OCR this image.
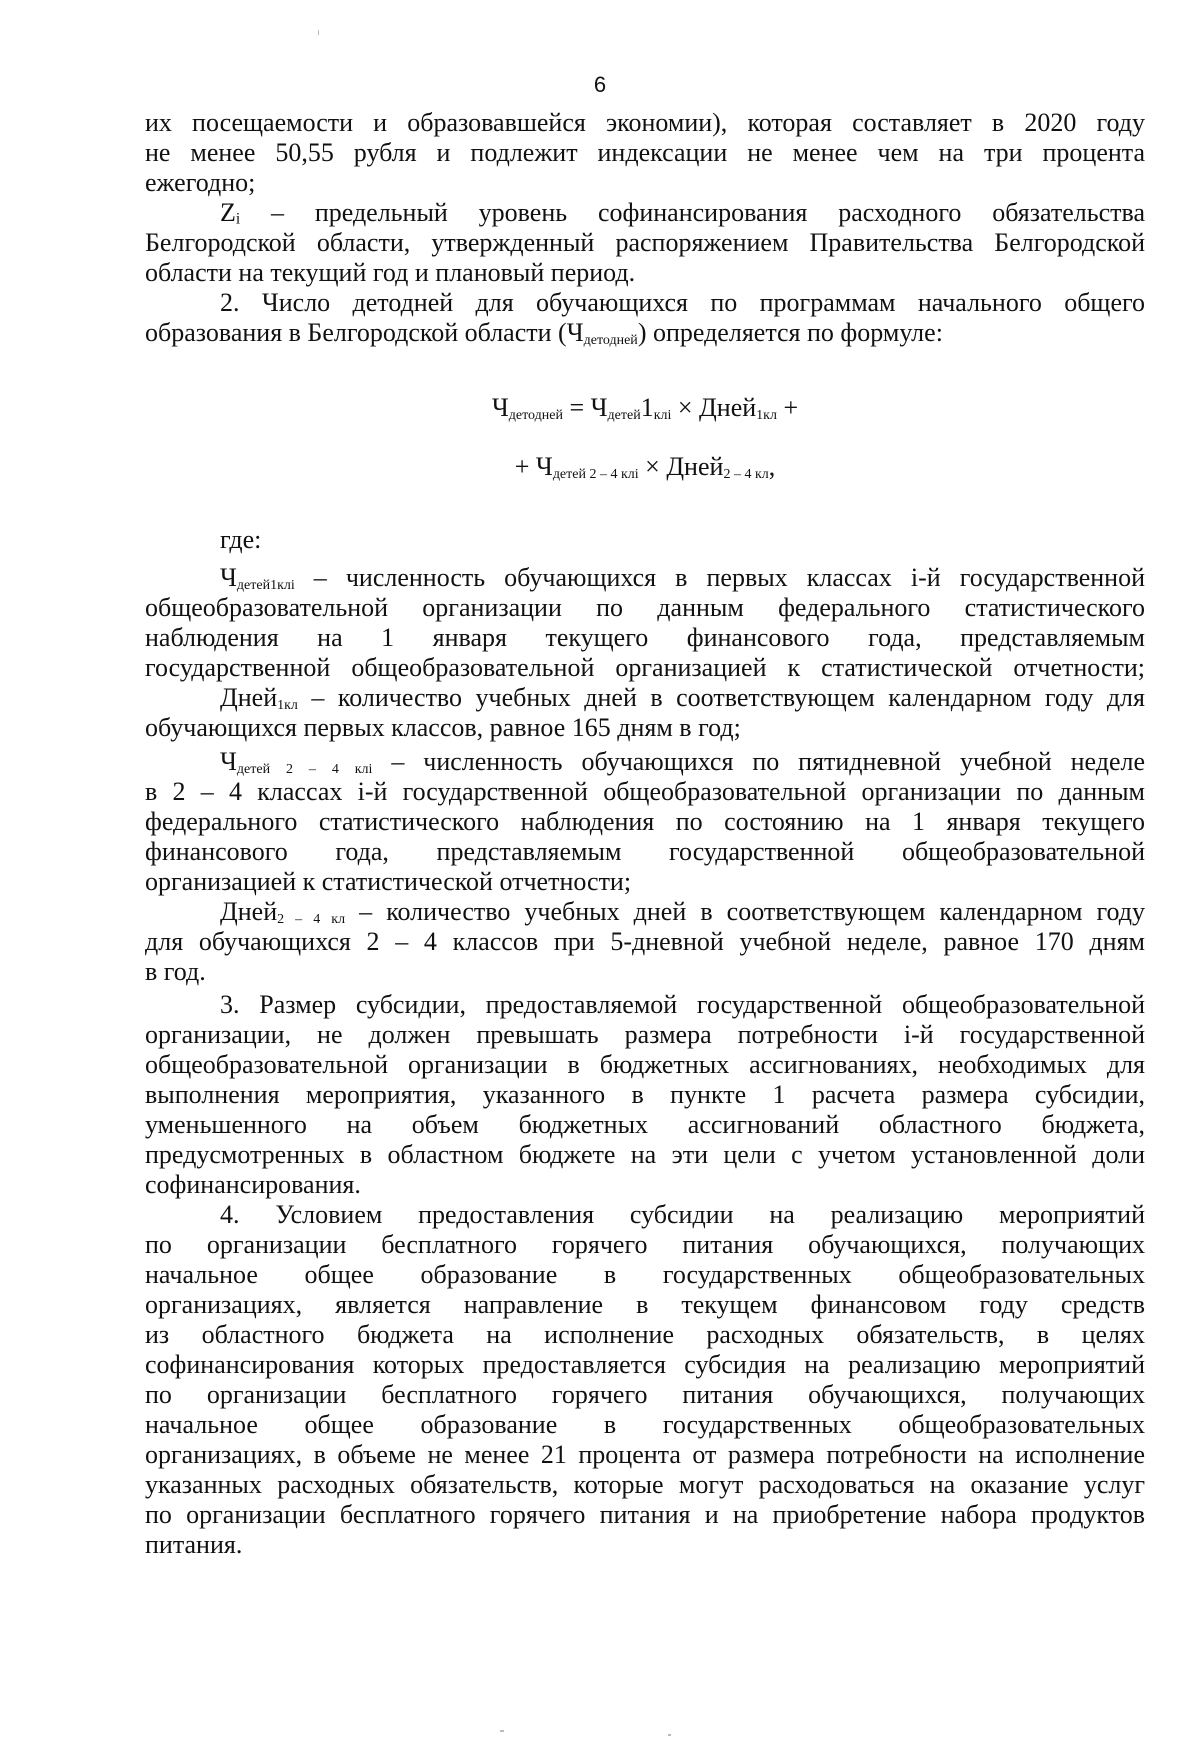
6
их посещаемости и образовавшейся экономии), которая составляет в 2020 году
не менее 50,55 рубля и подлежит индексации не менее чем на три процента
ежегодно;
Zᵢ – предельный уровень софинансирования расходного обязательства
Белгородской области, утвержденный распоряжением Правительства Белгородской
области на текущий год и плановый период.
2. Число детодней для обучающихся по программам начального общего
образования в Белгородской области (Чдетодней) определяется по формуле:
Чдетодней = Чдетей1клi × Дней1кл +
+ Чдетей 2 – 4 клi × Дней2 – 4 кл,
где:
Чдетей1клi – численность обучающихся в первых классах i-й государственной
общеобразовательной организации по данным федерального статистического
наблюдения на 1 января текущего финансового года, представляемым
государственной общеобразовательной организацией к статистической отчетности;
Дней1кл – количество учебных дней в соответствующем календарном году для
обучающихся первых классов, равное 165 дням в год;
Чдетей 2 – 4 клi – численность обучающихся по пятидневной учебной неделе
в 2 – 4 классах i-й государственной общеобразовательной организации по данным
федерального статистического наблюдения по состоянию на 1 января текущего
финансового года, представляемым государственной общеобразовательной
организацией к статистической отчетности;
Дней2 – 4 кл – количество учебных дней в соответствующем календарном году
для обучающихся 2 – 4 классов при 5-дневной учебной неделе, равное 170 дням
в год.
3. Размер субсидии, предоставляемой государственной общеобразовательной
организации, не должен превышать размера потребности i-й государственной
общеобразовательной организации в бюджетных ассигнованиях, необходимых для
выполнения мероприятия, указанного в пункте 1 расчета размера субсидии,
уменьшенного на объем бюджетных ассигнований областного бюджета,
предусмотренных в областном бюджете на эти цели с учетом установленной доли
софинансирования.
4. Условием предоставления субсидии на реализацию мероприятий
по организации бесплатного горячего питания обучающихся, получающих
начальное общее образование в государственных общеобразовательных
организациях, является направление в текущем финансовом году средств
из областного бюджета на исполнение расходных обязательств, в целях
софинансирования которых предоставляется субсидия на реализацию мероприятий
по организации бесплатного горячего питания обучающихся, получающих
начальное общее образование в государственных общеобразовательных
организациях, в объеме не менее 21 процента от размера потребности на исполнение
указанных расходных обязательств, которые могут расходоваться на оказание услуг
по организации бесплатного горячего питания и на приобретение набора продуктов
питания.
